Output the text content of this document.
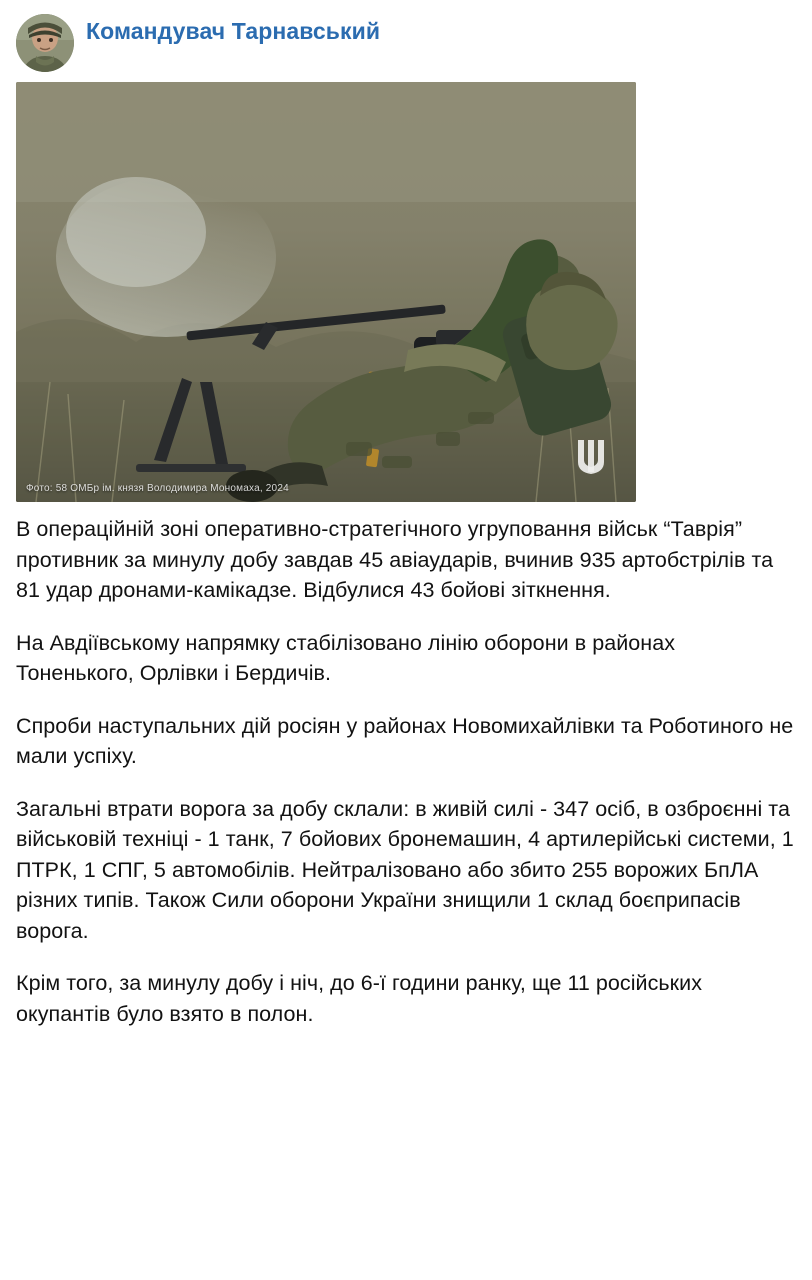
Командувач Тарнавський
Фото: 58 ОМБр ім. князя Володимира Мономаха, 2024

В операційній зоні оперативно-стратегічного угруповання військ “Таврія” противник за минулу добу завдав 45 авіаударів, вчинив 935 артобстрілів та 81 удар дронами-камікадзе. Відбулися 43 бойові зіткнення.

На Авдіївському напрямку стабілізовано лінію оборони в районах Тоненького, Орлівки і Бердичів.

Спроби наступальних дій росіян у районах Новомихайлівки та Роботиного не мали успіху.

Загальні втрати ворога за добу склали: в живій силі - 347 осіб, в озброєнні та військовій техніці - 1 танк, 7 бойових бронемашин, 4 артилерійські системи, 1 ПТРК, 1 СПГ, 5 автомобілів. Нейтралізовано або збито 255 ворожих БпЛА різних типів. Також Сили оборони України знищили 1 склад боєприпасів ворога.

Крім того, за минулу добу і ніч, до 6-ї години ранку, ще 11 російських окупантів було взято в полон.
